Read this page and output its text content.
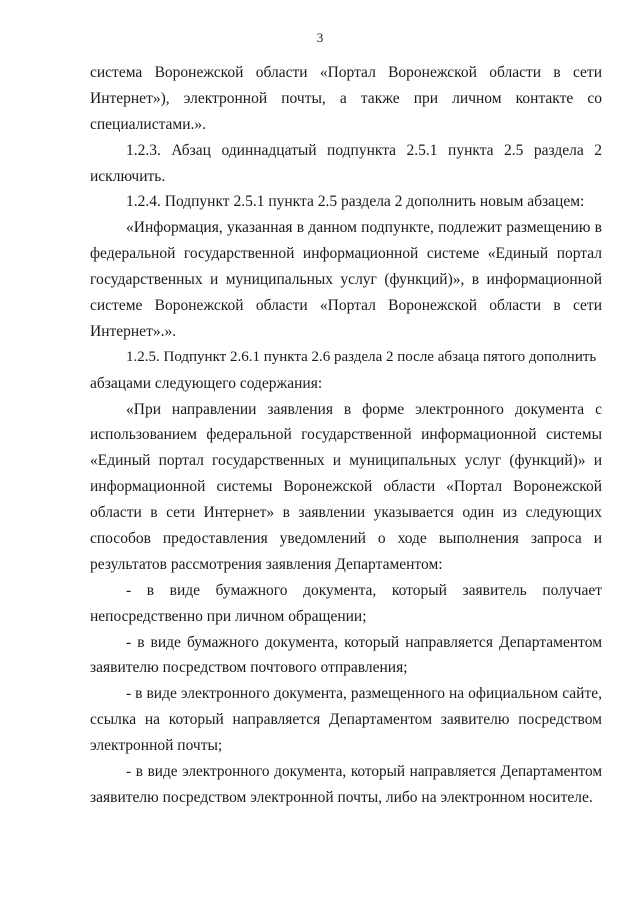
3
система Воронежской области «Портал Воронежской области в сети
Интернет»), электронной почты, а также при личном контакте со
специалистами.».
1.2.3. Абзац одиннадцатый подпункта 2.5.1 пункта 2.5 раздела 2
исключить.
1.2.4. Подпункт 2.5.1 пункта 2.5 раздела 2 дополнить новым абзацем:
«Информация, указанная в данном подпункте, подлежит размещению в
федеральной государственной информационной системе «Единый портал
государственных и муниципальных услуг (функций)», в информационной
системе Воронежской области «Портал Воронежской области в сети
Интернет».».
1.2.5. Подпункт 2.6.1 пункта 2.6 раздела 2 после абзаца пятого дополнить
абзацами следующего содержания:
«При направлении заявления в форме электронного документа с
использованием федеральной государственной информационной системы
«Единый портал государственных и муниципальных услуг (функций)» и
информационной системы Воронежской области «Портал Воронежской
области в сети Интернет» в заявлении указывается один из следующих
способов предоставления уведомлений о ходе выполнения запроса и
результатов рассмотрения заявления Департаментом:
- в виде бумажного документа, который заявитель получает
непосредственно при личном обращении;
- в виде бумажного документа, который направляется Департаментом
заявителю посредством почтового отправления;
- в виде электронного документа, размещенного на официальном сайте,
ссылка на который направляется Департаментом заявителю посредством
электронной почты;
- в виде электронного документа, который направляется Департаментом
заявителю посредством электронной почты, либо на электронном носителе.
